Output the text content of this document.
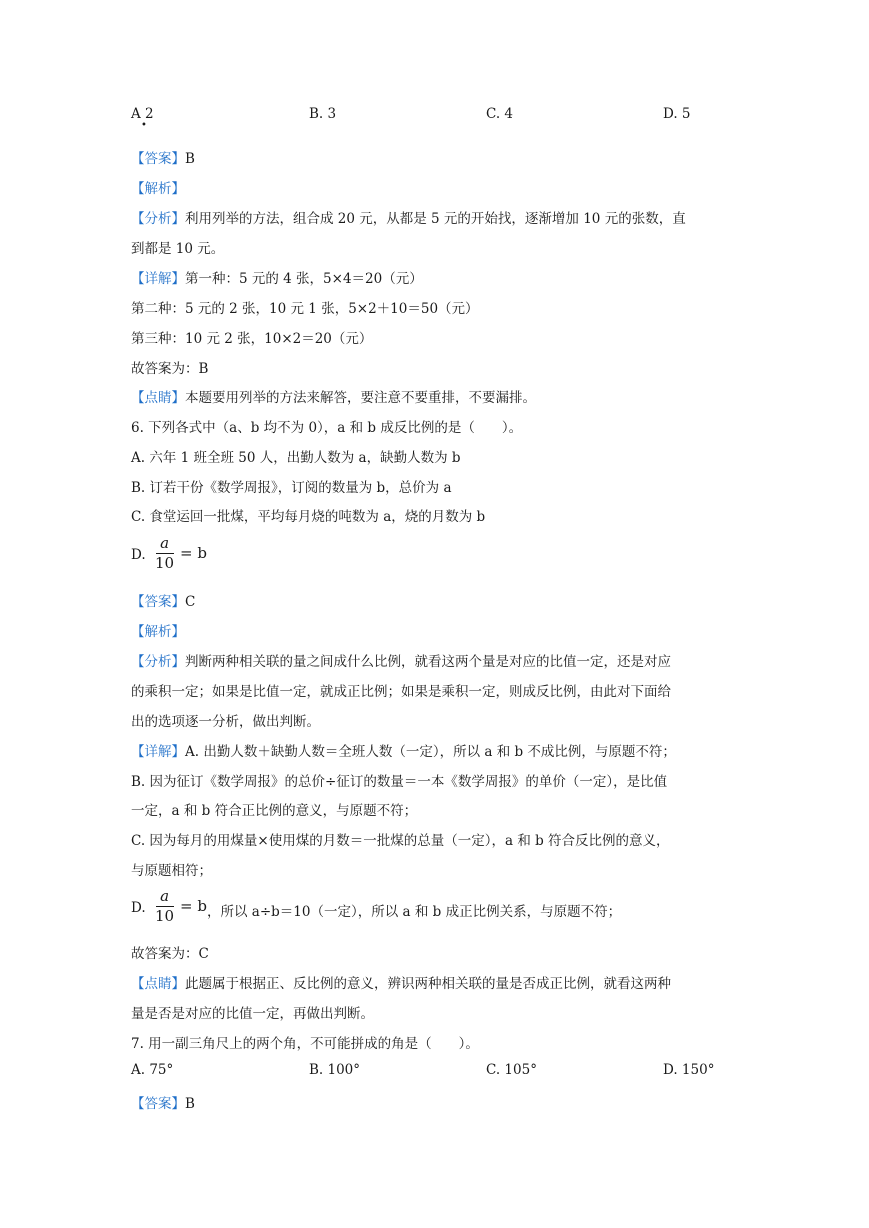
A 2
•
B. 3	C. 4	D. 5
【答案】B
【解析】
【分析】利用列举的方法，组合成 20 元，从都是 5 元的开始找，逐渐增加 10 元的张数，直
到都是 10 元。
【详解】第一种：5 元的 4 张，5×4＝20（元）
第二种：5 元的 2 张，10 元 1 张，5×2＋10＝50（元）
第三种：10 元 2 张，10×2＝20（元）
故答案为：B
【点睛】本题要用列举的方法来解答，要注意不要重排，不要漏排。
6. 下列各式中（a、b 均不为 0），a 和 b 成反比例的是（　　）。
A. 六年 1 班全班 50 人，出勤人数为 a，缺勤人数为 b
B. 订若干份《数学周报》，订阅的数量为 b，总价为 a
C. 食堂运回一批煤，平均每月烧的吨数为 a，烧的月数为 b
D.
a
10
= b
【答案】C
【解析】
【分析】判断两种相关联的量之间成什么比例，就看这两个量是对应的比值一定，还是对应
的乘积一定；如果是比值一定，就成正比例；如果是乘积一定，则成反比例，由此对下面给
出的选项逐一分析，做出判断。
【详解】A. 出勤人数＋缺勤人数＝全班人数（一定），所以 a 和 b 不成比例，与原题不符；
B. 因为征订《数学周报》的总价÷征订的数量＝一本《数学周报》的单价（一定），是比值
一定，a 和 b 符合正比例的意义，与原题不符；
C. 因为每月的用煤量×使用煤的月数＝一批煤的总量（一定），a 和 b 符合反比例的意义，
与原题相符；
D.
a
10
= b ，所以 a÷b＝10（一定），所以 a 和 b 成正比例关系，与原题不符；
故答案为：C
【点睛】此题属于根据正、反比例的意义，辨识两种相关联的量是否成正比例，就看这两种
量是否是对应的比值一定，再做出判断。
7. 用一副三角尺上的两个角，不可能拼成的角是（　　）。
A. 75°	B. 100°	C. 105°	D. 150°
【答案】B
